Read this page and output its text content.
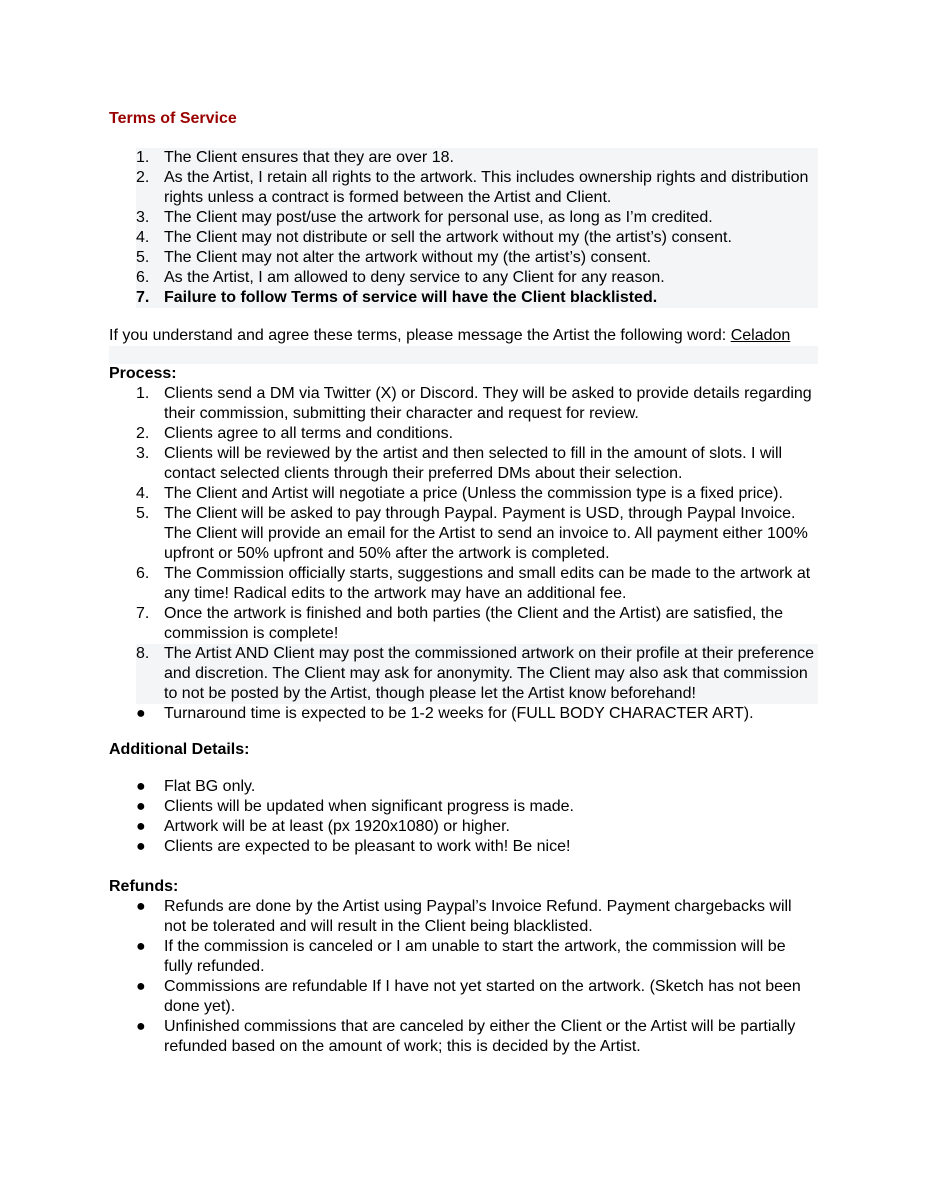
Terms of Service

1. The Client ensures that they are over 18.
2. As the Artist, I retain all rights to the artwork. This includes ownership rights and distribution rights unless a contract is formed between the Artist and Client.
3. The Client may post/use the artwork for personal use, as long as I’m credited.
4. The Client may not distribute or sell the artwork without my (the artist’s) consent.
5. The Client may not alter the artwork without my (the artist’s) consent.
6. As the Artist, I am allowed to deny service to any Client for any reason.
7. Failure to follow Terms of service will have the Client blacklisted.
If you understand and agree these terms, please message the Artist the following word: Celadon

Process:

1. Clients send a DM via Twitter (X) or Discord. They will be asked to provide details regarding their commission, submitting their character and request for review.
2. Clients agree to all terms and conditions.
3. Clients will be reviewed by the artist and then selected to fill in the amount of slots. I will contact selected clients through their preferred DMs about their selection.
4. The Client and Artist will negotiate a price (Unless the commission type is a fixed price).
5. The Client will be asked to pay through Paypal. Payment is USD, through Paypal Invoice. The Client will provide an email for the Artist to send an invoice to. All payment either 100% upfront or 50% upfront and 50% after the artwork is completed.
6. The Commission officially starts, suggestions and small edits can be made to the artwork at any time! Radical edits to the artwork may have an additional fee.
7. Once the artwork is finished and both parties (the Client and the Artist) are satisfied, the commission is complete!
8. The Artist AND Client may post the commissioned artwork on their profile at their preference and discretion. The Client may ask for anonymity. The Client may also ask that commission to not be posted by the Artist, though please let the Artist know beforehand!
● Turnaround time is expected to be 1-2 weeks for (FULL BODY CHARACTER ART).

Additional Details:

● Flat BG only.
● Clients will be updated when significant progress is made.
● Artwork will be at least (px 1920x1080) or higher.
● Clients are expected to be pleasant to work with! Be nice!

Refunds:

● Refunds are done by the Artist using Paypal’s Invoice Refund. Payment chargebacks will not be tolerated and will result in the Client being blacklisted.
● If the commission is canceled or I am unable to start the artwork, the commission will be fully refunded.
● Commissions are refundable If I have not yet started on the artwork. (Sketch has not been done yet).
● Unfinished commissions that are canceled by either the Client or the Artist will be partially refunded based on the amount of work; this is decided by the Artist.
